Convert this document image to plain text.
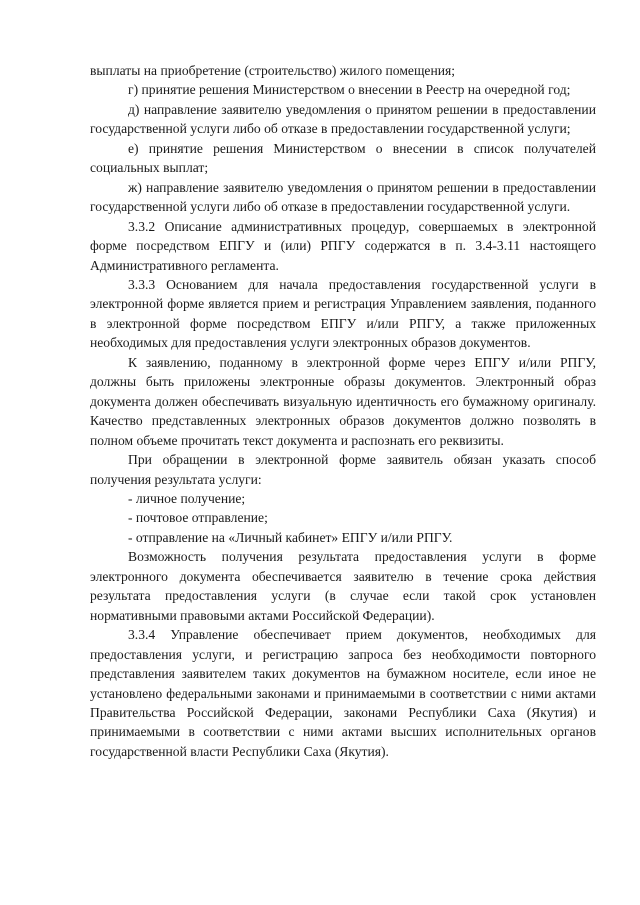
выплаты на приобретение (строительство) жилого помещения;

г) принятие решения Министерством о внесении в Реестр на очередной год;

д) направление заявителю уведомления о принятом решении в предоставлении государственной услуги либо об отказе в предоставлении государственной услуги;

е) принятие решения Министерством о внесении в список получателей социальных выплат;

ж) направление заявителю уведомления о принятом решении в предоставлении государственной услуги либо об отказе в предоставлении государственной услуги.

3.3.2 Описание административных процедур, совершаемых в электронной форме посредством ЕПГУ и (или) РПГУ содержатся в п. 3.4-3.11 настоящего Административного регламента.

3.3.3 Основанием для начала предоставления государственной услуги в электронной форме является прием и регистрация Управлением заявления, поданного в электронной форме посредством ЕПГУ и/или РПГУ, а также приложенных необходимых для предоставления услуги электронных образов документов.

К заявлению, поданному в электронной форме через ЕПГУ и/или РПГУ, должны быть приложены электронные образы документов. Электронный образ документа должен обеспечивать визуальную идентичность его бумажному оригиналу. Качество представленных электронных образов документов должно позволять в полном объеме прочитать текст документа и распознать его реквизиты.

При обращении в электронной форме заявитель обязан указать способ получения результата услуги:

- личное получение;

- почтовое отправление;

- отправление на «Личный кабинет» ЕПГУ и/или РПГУ.

Возможность получения результата предоставления услуги в форме электронного документа обеспечивается заявителю в течение срока действия результата предоставления услуги (в случае если такой срок установлен нормативными правовыми актами Российской Федерации).

3.3.4 Управление обеспечивает прием документов, необходимых для предоставления услуги, и регистрацию запроса без необходимости повторного представления заявителем таких документов на бумажном носителе, если иное не установлено федеральными законами и принимаемыми в соответствии с ними актами Правительства Российской Федерации, законами Республики Саха (Якутия) и принимаемыми в соответствии с ними актами высших исполнительных органов государственной власти Республики Саха (Якутия).
